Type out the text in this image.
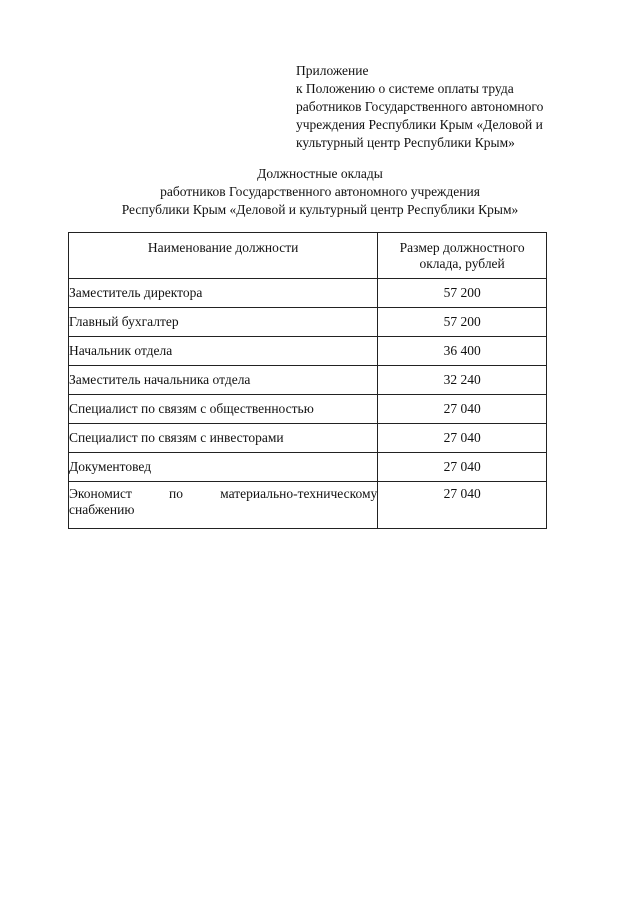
Приложение
к Положению о системе оплаты труда
работников Государственного автономного
учреждения Республики Крым «Деловой и
культурный центр Республики Крым»
Должностные оклады
работников Государственного автономного учреждения
Республики Крым «Деловой и культурный центр Республики Крым»
Наименование должности	Размер должностного
оклада, рублей

Заместитель директора	57 200
Главный бухгалтер	57 200
Начальник отдела	36 400
Заместитель начальника отдела	32 240
Специалист по связям с общественностью	27 040
Специалист по связям с инвесторами	27 040
Документовед	27 040
Экономист по материально-техническому снабжению	27 040
